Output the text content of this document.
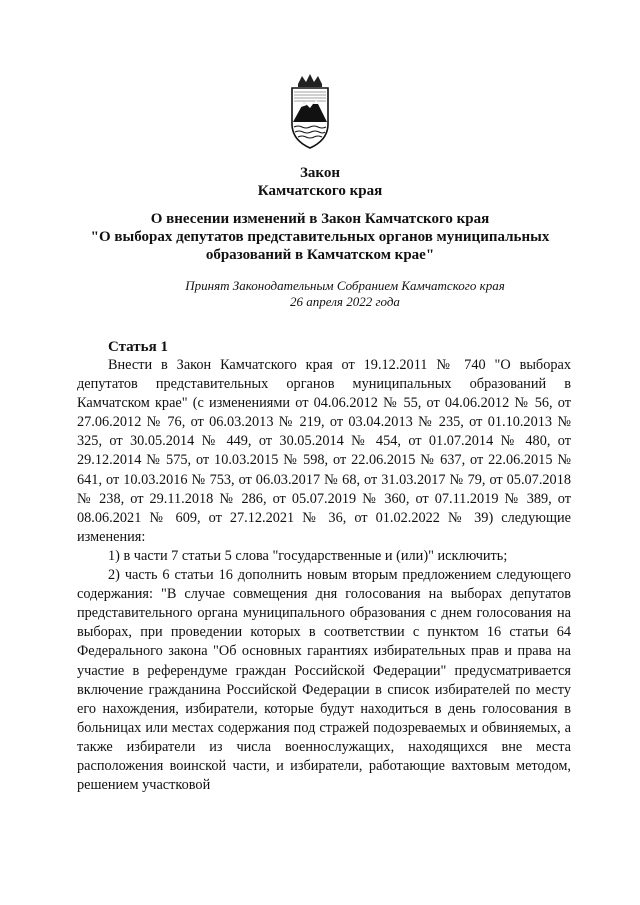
Закон
Камчатского края
О внесении изменений в Закон Камчатского края
"О выборах депутатов представительных органов муниципальных
образований в Камчатском крае"
Принят Законодательным Собранием Камчатского края
26 апреля 2022 года
Статья 1

Внести в Закон Камчатского края от 19.12.2011 № 740 "О выборах депутатов представительных органов муниципальных образований в Камчатском крае" (с изменениями от 04.06.2012 № 55, от 04.06.2012 № 56, от 27.06.2012 № 76, от 06.03.2013 № 219, от 03.04.2013 № 235, от 01.10.2013 № 325, от 30.05.2014 № 449, от 30.05.2014 № 454, от 01.07.2014 № 480, от 29.12.2014 № 575, от 10.03.2015 № 598, от 22.06.2015 № 637, от 22.06.2015 № 641, от 10.03.2016 № 753, от 06.03.2017 № 68, от 31.03.2017 № 79, от 05.07.2018 № 238, от 29.11.2018 № 286, от 05.07.2019 № 360, от 07.11.2019 № 389, от 08.06.2021 № 609, от 27.12.2021 № 36, от 01.02.2022 № 39) следующие изменения:

1) в части 7 статьи 5 слова "государственные и (или)" исключить;

2) часть 6 статьи 16 дополнить новым вторым предложением следующего содержания: "В случае совмещения дня голосования на выборах депутатов представительного органа муниципального образования с днем голосования на выборах, при проведении которых в соответствии с пунктом 16 статьи 64 Федерального закона "Об основных гарантиях избирательных прав и права на участие в референдуме граждан Российской Федерации" предусматривается включение гражданина Российской Федерации в список избирателей по месту его нахождения, избиратели, которые будут находиться в день голосования в больницах или местах содержания под стражей подозреваемых и обвиняемых, а также избиратели из числа военнослужащих, находящихся вне места расположения воинской части, и избиратели, работающие вахтовым методом, решением участковой
